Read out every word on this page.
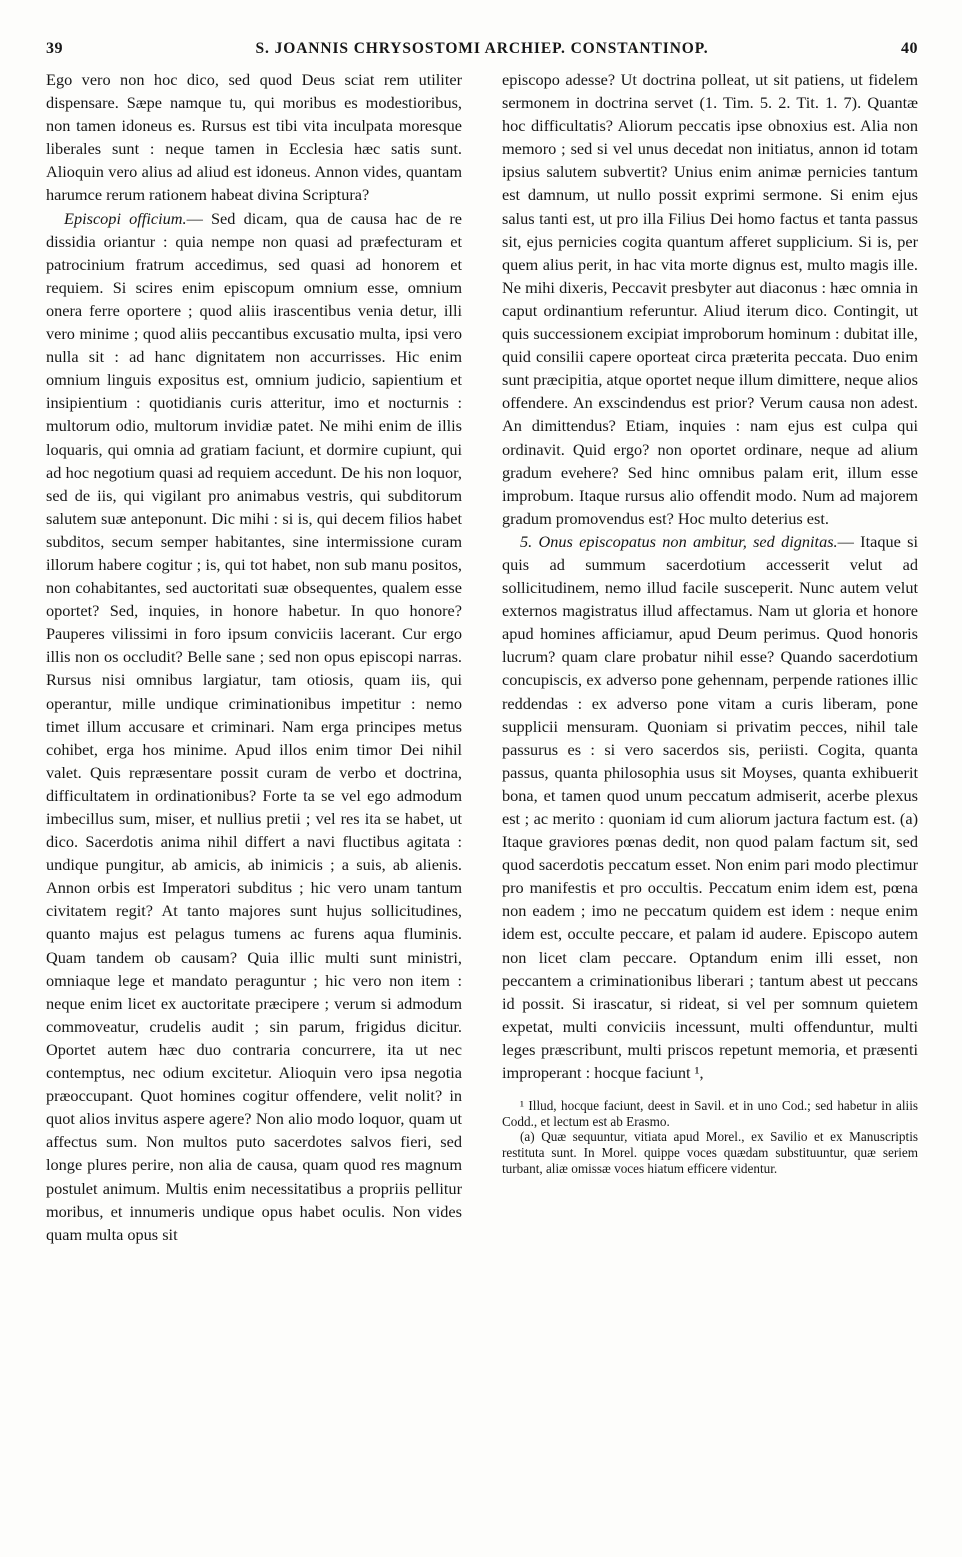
39	S. JOANNIS CHRYSOSTOMI ARCHIEP. CONSTANTINOP.	40

Ego vero non hoc dico, sed quod Deus sciat rem utiliter dispensare. Sæpe namque tu, qui moribus es modestioribus, non tamen idoneus es. Rursus est tibi vita inculpata moresque liberales sunt : neque tamen in Ecclesia hæc satis sunt. Alioquin vero alius ad aliud est idoneus. Annon vides, quantam harumce rerum rationem habeat divina Scriptura?

Episcopi officium.— Sed dicam, qua de causa hac de re dissidia oriantur : quia nempe non quasi ad præfecturam et patrocinium fratrum accedimus, sed quasi ad honorem et requiem. Si scires enim episcopum omnium esse, omnium onera ferre oportere ; quod aliis irascentibus venia detur, illi vero minime ; quod aliis peccantibus excusatio multa, ipsi vero nulla sit : ad hanc dignitatem non accurrisses. Hic enim omnium linguis expositus est, omnium judicio, sapientium et insipientium : quotidianis curis atteritur, imo et nocturnis : multorum odio, multorum invidiæ patet. Ne mihi enim de illis loquaris, qui omnia ad gratiam faciunt, et dormire cupiunt, qui ad hoc negotium quasi ad requiem accedunt. De his non loquor, sed de iis, qui vigilant pro animabus vestris, qui subditorum salutem suæ anteponunt. Dic mihi : si is, qui decem filios habet subditos, secum semper habitantes, sine intermissione curam illorum habere cogitur ; is, qui tot habet, non sub manu positos, non cohabitantes, sed auctoritati suæ obsequentes, qualem esse oportet? Sed, inquies, in honore habetur. In quo honore? Pauperes vilissimi in foro ipsum conviciis lacerant. Cur ergo illis non os occludit? Belle sane ; sed non opus episcopi narras. Rursus nisi omnibus largiatur, tam otiosis, quam iis, qui operantur, mille undique criminationibus impetitur : nemo timet illum accusare et criminari. Nam erga principes metus cohibet, erga hos minime. Apud illos enim timor Dei nihil valet. Quis repræsentare possit curam de verbo et doctrina, difficultatem in ordinationibus? Forte ta se vel ego admodum imbecillus sum, miser, et nullius pretii ; vel res ita se habet, ut dico. Sacerdotis anima nihil differt a navi fluctibus agitata : undique pungitur, ab amicis, ab inimicis ; a suis, ab alienis. Annon orbis est Imperatori subditus ; hic vero unam tantum civitatem regit? At tanto majores sunt hujus sollicitudines, quanto majus est pelagus tumens ac furens aqua fluminis. Quam tandem ob causam? Quia illic multi sunt ministri, omniaque lege et mandato peraguntur ; hic vero non item : neque enim licet ex auctoritate præcipere ; verum si admodum commoveatur, crudelis audit ; sin parum, frigidus dicitur. Oportet autem hæc duo contraria concurrere, ita ut nec contemptus, nec odium excitetur. Alioquin vero ipsa negotia præoccupant. Quot homines cogitur offendere, velit nolit? in quot alios invitus aspere agere? Non alio modo loquor, quam ut affectus sum. Non multos puto sacerdotes salvos fieri, sed longe plures perire, non alia de causa, quam quod res magnum postulet animum. Multis enim necessitatibus a propriis pellitur moribus, et innumeris undique opus habet oculis. Non vides quam multa opus sit

episcopo adesse? Ut doctrina polleat, ut sit patiens, ut fidelem sermonem in doctrina servet (1. Tim. 5. 2. Tit. 1. 7). Quantæ hoc difficultatis? Aliorum peccatis ipse obnoxius est. Alia non memoro ; sed si vel unus decedat non initiatus, annon id totam ipsius salutem subvertit? Unius enim animæ pernicies tantum est damnum, ut nullo possit exprimi sermone. Si enim ejus salus tanti est, ut pro illa Filius Dei homo factus et tanta passus sit, ejus pernicies cogita quantum afferet supplicium. Si is, per quem alius perit, in hac vita morte dignus est, multo magis ille. Ne mihi dixeris, Peccavit presbyter aut diaconus : hæc omnia in caput ordinantium referuntur. Aliud iterum dico. Contingit, ut quis successionem excipiat improborum hominum : dubitat ille, quid consilii capere oporteat circa præterita peccata. Duo enim sunt præcipitia, atque oportet neque illum dimittere, neque alios offendere. An exscindendus est prior? Verum causa non adest. An dimittendus? Etiam, inquies : nam ejus est culpa qui ordinavit. Quid ergo? non oportet ordinare, neque ad alium gradum evehere? Sed hinc omnibus palam erit, illum esse improbum. Itaque rursus alio offendit modo. Num ad majorem gradum promovendus est? Hoc multo deterius est.

5. Onus episcopatus non ambitur, sed dignitas.— Itaque si quis ad summum sacerdotium accesserit velut ad sollicitudinem, nemo illud facile susceperit. Nunc autem velut externos magistratus illud affectamus. Nam ut gloria et honore apud homines afficiamur, apud Deum perimus. Quod honoris lucrum? quam clare probatur nihil esse? Quando sacerdotium concupiscis, ex adverso pone gehennam, perpende rationes illic reddendas : ex adverso pone vitam a curis liberam, pone supplicii mensuram. Quoniam si privatim pecces, nihil tale passurus es : si vero sacerdos sis, periisti. Cogita, quanta passus, quanta philosophia usus sit Moyses, quanta exhibuerit bona, et tamen quod unum peccatum admiserit, acerbe plexus est ; ac merito : quoniam id cum aliorum jactura factum est. (a) Itaque graviores pœnas dedit, non quod palam factum sit, sed quod sacerdotis peccatum esset. Non enim pari modo plectimur pro manifestis et pro occultis. Peccatum enim idem est, pœna non eadem ; imo ne peccatum quidem est idem : neque enim idem est, occulte peccare, et palam id audere. Episcopo autem non licet clam peccare. Optandum enim illi esset, non peccantem a criminationibus liberari ; tantum abest ut peccans id possit. Si irascatur, si rideat, si vel per somnum quietem expetat, multi conviciis incessunt, multi offenduntur, multi leges præscribunt, multi priscos repetunt memoria, et præsenti improperant : hocque faciunt ¹,

¹ Illud, hocque faciunt, deest in Savil. et in uno Cod.; sed habetur in aliis Codd., et lectum est ab Erasmo.

(a) Quæ sequuntur, vitiata apud Morel., ex Savilio et ex Manuscriptis restituta sunt. In Morel. quippe voces quædam substituuntur, quæ seriem turbant, aliæ omissæ voces hiatum efficere videntur.
